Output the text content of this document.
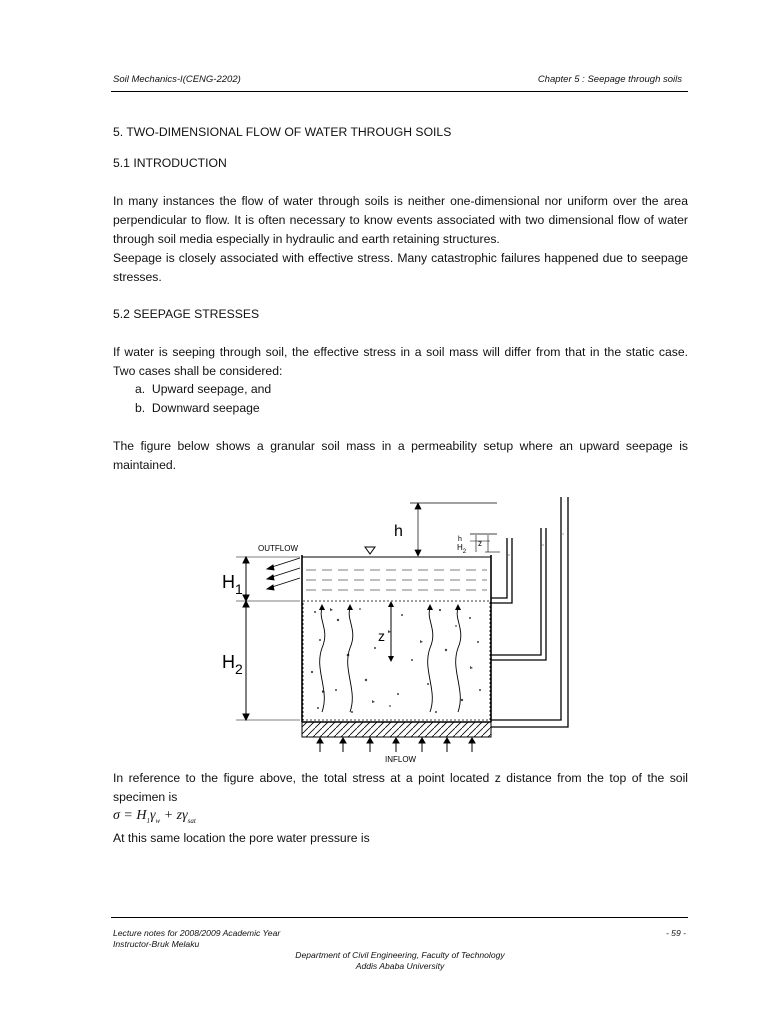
Soil Mechanics-I(CENG-2202)	Chapter 5 : Seepage through soils
5. TWO-DIMENSIONAL FLOW OF WATER THROUGH SOILS
5.1 INTRODUCTION
In many instances the flow of water through soils is neither one-dimensional nor uniform over the area
perpendicular to flow. It is often necessary to know events associated with two dimensional flow of water
through soil media especially in hydraulic and earth retaining structures.
Seepage is closely associated with effective stress. Many catastrophic failures happened due to seepage
stresses.
5.2 SEEPAGE STRESSES
If water is seeping through soil, the effective stress in a soil mass will differ from that in the static case.
Two cases shall be considered:
a.  Upward seepage, and
b.  Downward seepage
The figure below shows a granular soil mass in a permeability setup where an upward seepage is
maintained.
z
INFLOW
OUTFLOW
$H_1$
$H_2$
h	h
$H_2$
z
In reference to the figure above, the total stress at a point located z distance from the top of the soil
specimen is
$\sigma = H_1\gamma_w + z\gamma_{sat}$
At this same location the pore water pressure is
Lecture notes for 2008/2009 Academic Year
Instructor-Bruk Melaku
- 59 -
Department of Civil Engineering, Faculty of Technology
Addis Ababa University
